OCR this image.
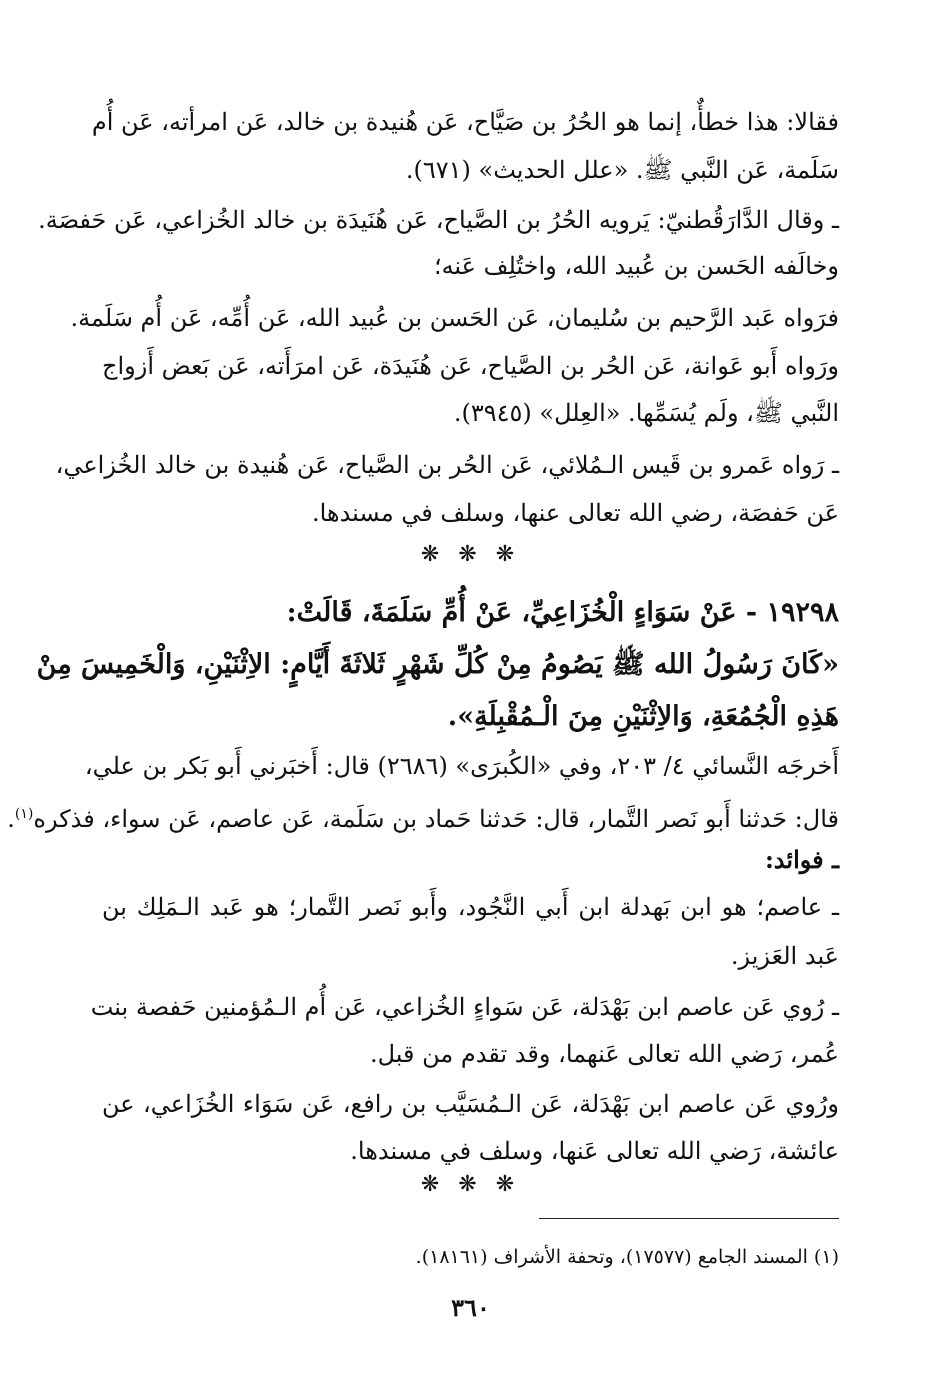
فقالا: هذا خطأٌ، إنما هو الحُرُ بن صَيَّاح، عَن هُنيدة بن خالد، عَن امرأته، عَن أُم
سَلَمة، عَن النَّبي ﷺ. «علل الحديث» (٦٧١).
ـ وقال الدَّارَقُطنيّ: يَرويه الحُرُ بن الصَّياح، عَن هُنَيدَة بن خالد الخُزاعي، عَن حَفصَة.
وخالَفه الحَسن بن عُبيد الله، واختُلِف عَنه؛
فرَواه عَبد الرَّحيم بن سُليمان، عَن الحَسن بن عُبيد الله، عَن أُمِّه، عَن أُم سَلَمة.
ورَواه أَبو عَوانة، عَن الحُر بن الصَّياح، عَن هُنَيدَة، عَن امرَأَته، عَن بَعض أَزواج
النَّبي ﷺ، ولَم يُسَمِّها. «العِلل» (٣٩٤٥).
ـ رَواه عَمرو بن قَيس الـمُلائي، عَن الحُر بن الصَّياح، عَن هُنيدة بن خالد الخُزاعي،
عَن حَفصَة، رضي الله تعالى عنها، وسلف في مسندها.
❋ ❋ ❋
١٩٢٩٨ - عَنْ سَوَاءٍ الْخُزَاعِيِّ، عَنْ أُمِّ سَلَمَةَ، قَالَتْ:
«كَانَ رَسُولُ الله ﷺ يَصُومُ مِنْ كُلِّ شَهْرٍ ثَلاثَةَ أَيَّامٍ: الاِثْنَيْنِ، وَالْخَمِيسَ مِنْ
هَذِهِ الْجُمُعَةِ، وَالاِثْنَيْنِ مِنَ الْـمُقْبِلَةِ».
أَخرجَه النَّسائي ٤/ ٢٠٣، وفي «الكُبرَى» (٢٦٨٦) قال: أَخبَرني أَبو بَكر بن علي،
قال: حَدثنا أَبو نَصر التَّمار، قال: حَدثنا حَماد بن سَلَمة، عَن عاصم، عَن سواء، فذكره$^{(١)}$.
ـ فوائد:
ـ عاصم؛ هو ابن بَهدلة ابن أَبي النَّجُود، وأَبو نَصر التَّمار؛ هو عَبد الـمَلِك بن
عَبد العَزيز.
ـ رُوي عَن عاصم ابن بَهْدَلة، عَن سَواءٍ الخُزاعي، عَن أُم الـمُؤمنين حَفصة بنت
عُمر، رَضي الله تعالى عَنهما، وقد تقدم من قبل.
ورُوي عَن عاصم ابن بَهْدَلة، عَن الـمُسَيَّب بن رافع، عَن سَوَاء الخُزَاعي، عن
عائشة، رَضي الله تعالى عَنها، وسلف في مسندها.
❋ ❋ ❋
(١) المسند الجامع (١٧٥٧٧)، وتحفة الأشراف (١٨١٦١).
٣٦٠
